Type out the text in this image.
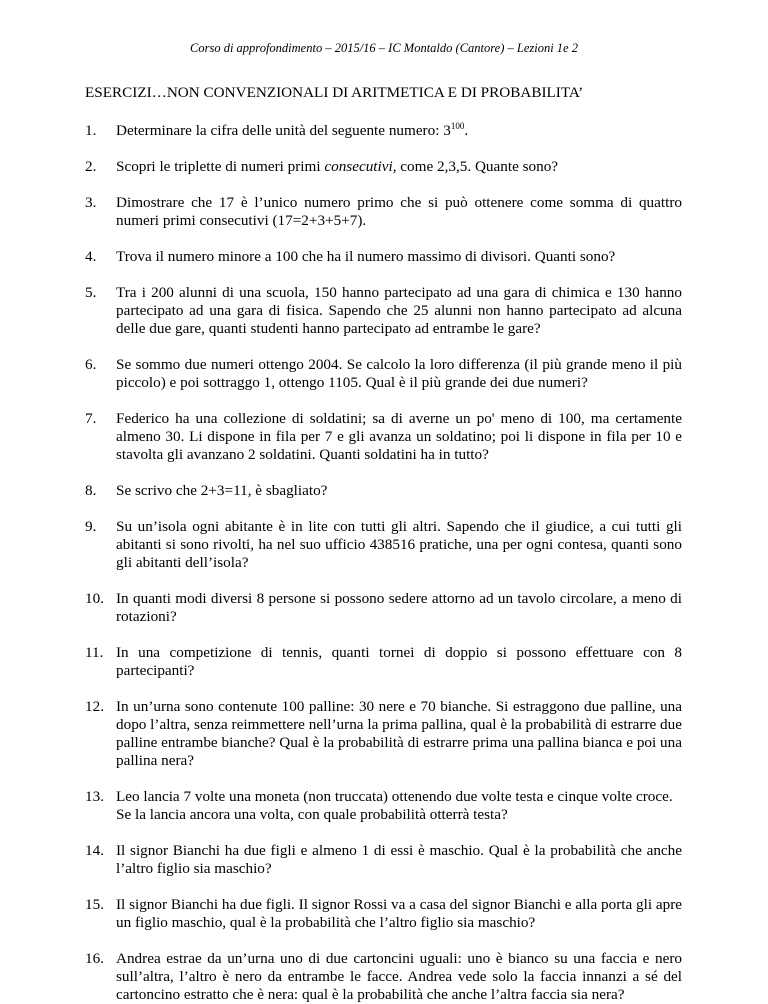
Corso di approfondimento – 2015/16 – IC Montaldo (Cantore) – Lezioni 1e 2
ESERCIZI…NON CONVENZIONALI DI ARITMETICA E DI PROBABILITA’
1. Determinare la cifra delle unità del seguente numero: $3^{100}$.
2. Scopri le triplette di numeri primi consecutivi, come 2,3,5. Quante sono?
3. Dimostrare che 17 è l’unico numero primo che si può ottenere come somma di quattro numeri primi consecutivi (17=2+3+5+7).
4. Trova il numero minore a 100 che ha il numero massimo di divisori. Quanti sono?
5. Tra i 200 alunni di una scuola, 150 hanno partecipato ad una gara di chimica e 130 hanno partecipato ad una gara di fisica. Sapendo che 25 alunni non hanno partecipato ad alcuna delle due gare, quanti studenti hanno partecipato ad entrambe le gare?
6. Se sommo due numeri ottengo 2004. Se calcolo la loro differenza (il più grande meno il più piccolo) e poi sottraggo 1, ottengo 1105. Qual è il più grande dei due numeri?
7. Federico ha una collezione di soldatini; sa di averne un po' meno di 100, ma certamente almeno 30. Li dispone in fila per 7 e gli avanza un soldatino; poi li dispone in fila per 10 e stavolta gli avanzano 2 soldatini. Quanti soldatini ha in tutto?
8. Se scrivo che 2+3=11, è sbagliato?
9. Su un’isola ogni abitante è in lite con tutti gli altri. Sapendo che il giudice, a cui tutti gli abitanti si sono rivolti, ha nel suo ufficio 438516 pratiche, una per ogni contesa, quanti sono gli abitanti dell’isola?
10. In quanti modi diversi 8 persone si possono sedere attorno ad un tavolo circolare, a meno di rotazioni?
11. In una competizione di tennis, quanti tornei di doppio si possono effettuare con 8 partecipanti?
12. In un’urna sono contenute 100 palline: 30 nere e 70 bianche. Si estraggono due palline, una dopo l’altra, senza reimmettere nell’urna la prima pallina, qual è la probabilità di estrarre due palline entrambe bianche? Qual è la probabilità di estrarre prima una pallina bianca e poi una pallina nera?
13. Leo lancia 7 volte una moneta (non truccata) ottenendo due volte testa e cinque volte croce.
Se la lancia ancora una volta, con quale probabilità otterrà testa?
14. Il signor Bianchi ha due figli e almeno 1 di essi è maschio. Qual è la probabilità che anche l’altro figlio sia maschio?
15. Il signor Bianchi ha due figli. Il signor Rossi va a casa del signor Bianchi e alla porta gli apre un figlio maschio, qual è la probabilità che l’altro figlio sia maschio?
16. Andrea estrae da un’urna uno di due cartoncini uguali: uno è bianco su una faccia e nero sull’altra, l’altro è nero da entrambe le facce. Andrea vede solo la faccia innanzi a sé del cartoncino estratto che è nera: qual è la probabilità che anche l’altra faccia sia nera?
